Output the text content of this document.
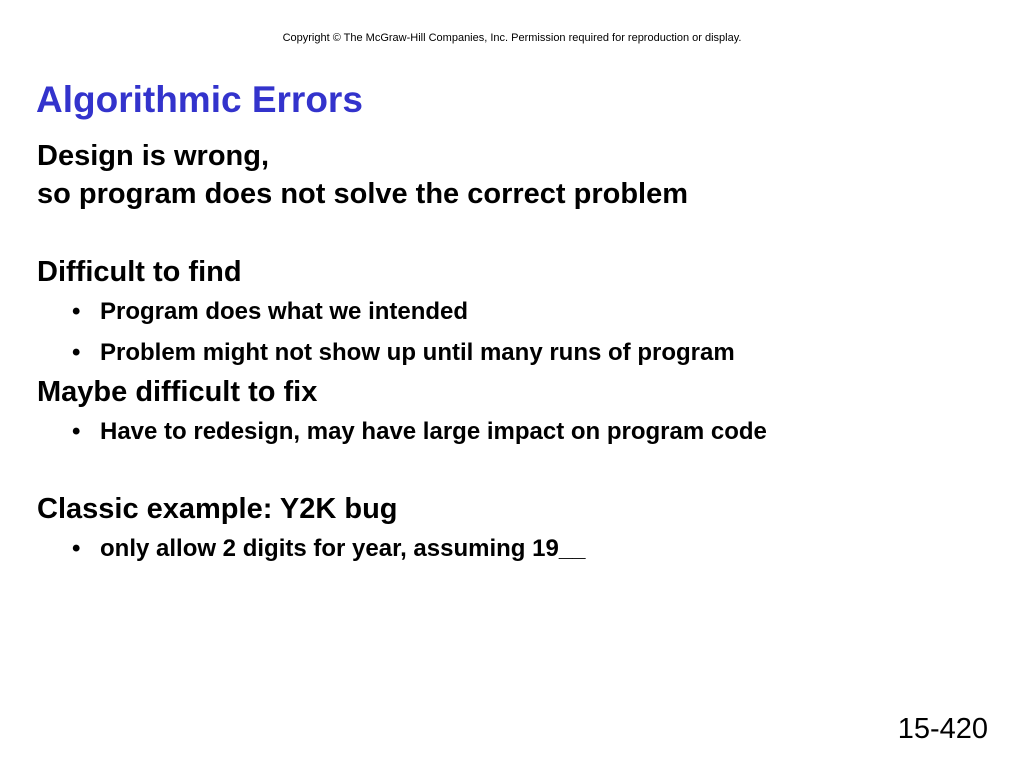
Copyright © The McGraw-Hill Companies, Inc. Permission required for reproduction or display.
Algorithmic Errors

Design is wrong,

so program does not solve the correct problem

Difficult to find

• Program does what we intended
• Problem might not show up until many runs of program

Maybe difficult to fix

• Have to redesign, may have large impact on program code

Classic example: Y2K bug

• only allow 2 digits for year, assuming 19__
15-420
